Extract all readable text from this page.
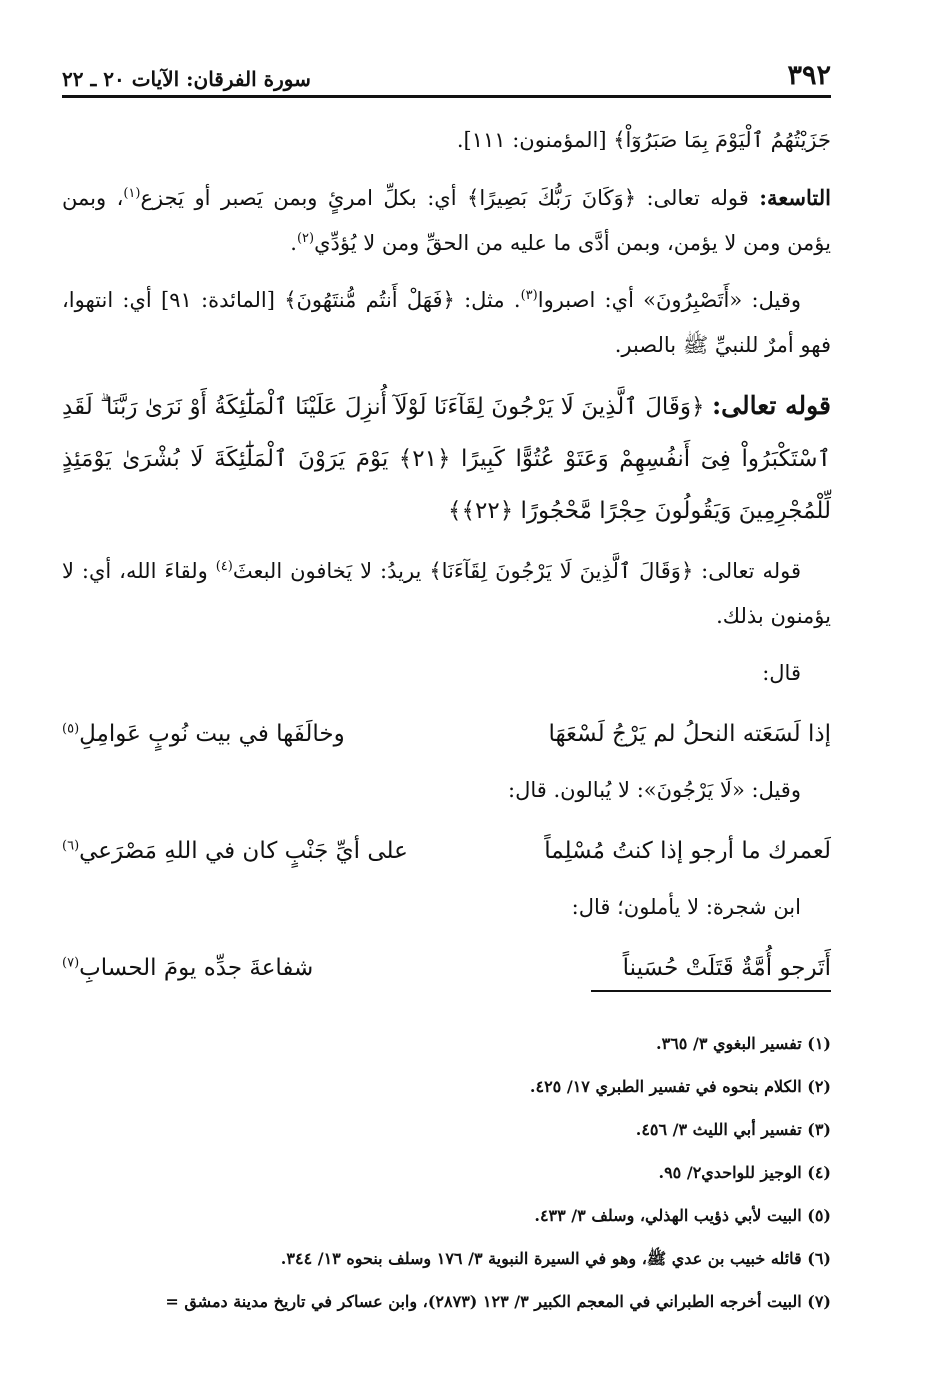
٣٩٢
سورة الفرقان: الآيات ٢٠ ـ ٢٢

جَزَيْتُهُمُ ٱلْيَوْمَ بِمَا صَبَرُوٓاْ﴾ [المؤمنون: ١١١].

التاسعة: قوله تعالى: ﴿وَكَانَ رَبُّكَ بَصِيرًا﴾ أي: بكلِّ امرئٍ وبمن يَصبر أو يَجزع$^{(١)}$، وبمن يؤمن ومن لا يؤمن، وبمن أدَّى ما عليه من الحقِّ ومن لا يُؤدِّي$^{(٢)}$.

وقيل: «أَتَصْبِرُونَ» أي: اصبروا$^{(٣)}$. مثل: ﴿فَهَلْ أَنتُم مُّنتَهُونَ﴾ [المائدة: ٩١] أي: انتهوا، فهو أمرٌ للنبيِّ ﷺ بالصبر.

قوله تعالى: ﴿وَقَالَ ٱلَّذِينَ لَا يَرْجُونَ لِقَآءَنَا لَوْلَآ أُنزِلَ عَلَيْنَا ٱلْمَلَٰٓئِكَةُ أَوْ نَرَىٰ رَبَّنَا ۗ لَقَدِ ٱسْتَكْبَرُواْ فِىٓ أَنفُسِهِمْ وَعَتَوْ عُتُوًّا كَبِيرًا ﴿٢١﴾ يَوْمَ يَرَوْنَ ٱلْمَلَٰٓئِكَةَ لَا بُشْرَىٰ يَوْمَئِذٍ لِّلْمُجْرِمِينَ وَيَقُولُونَ حِجْرًا مَّحْجُورًا ﴿٢٢﴾﴾

قوله تعالى: ﴿وَقَالَ ٱلَّذِينَ لَا يَرْجُونَ لِقَآءَنَا﴾ يريدُ: لا يَخافون البعثَ$^{(٤)}$ ولقاءَ الله، أي: لا يؤمنون بذلك.

قال:

إذا لَسَعَته النحلُ لم يَرْجُ لَسْعَهَا
وخالَفَها في بيت نُوبٍ عَوامِلِ$^{(٥)}$

وقيل: «لَا يَرْجُونَ»: لا يُبالون. قال:

لَعمرك ما أرجو إذا كنتُ مُسْلِماً
على أيِّ جَنْبٍ كان في اللهِ مَصْرَعي$^{(٦)}$

ابن شجرة: لا يأملون؛ قال:

أَتَرجو أُمَّةٌ قَتَلَتْ حُسَيناً
شفاعةَ جدِّه يومَ الحسابِ$^{(٧)}$
(١) تفسير البغوي ٣/ ٣٦٥.
(٢) الكلام بنحوه في تفسير الطبري ١٧/ ٤٢٥.
(٣) تفسير أبي الليث ٣/ ٤٥٦.
(٤) الوجيز للواحدي٢/ ٩٥.
(٥) البيت لأبي ذؤيب الهذلي، وسلف ٣/ ٤٣٣.
(٦) قائله خبيب بن عدي ﷺ، وهو في السيرة النبوية ٣/ ١٧٦ وسلف بنحوه ١٣/ ٣٤٤.
(٧) البيت أخرجه الطبراني في المعجم الكبير ٣/ ١٢٣ (٢٨٧٣)، وابن عساكر في تاريخ مدينة دمشق =
